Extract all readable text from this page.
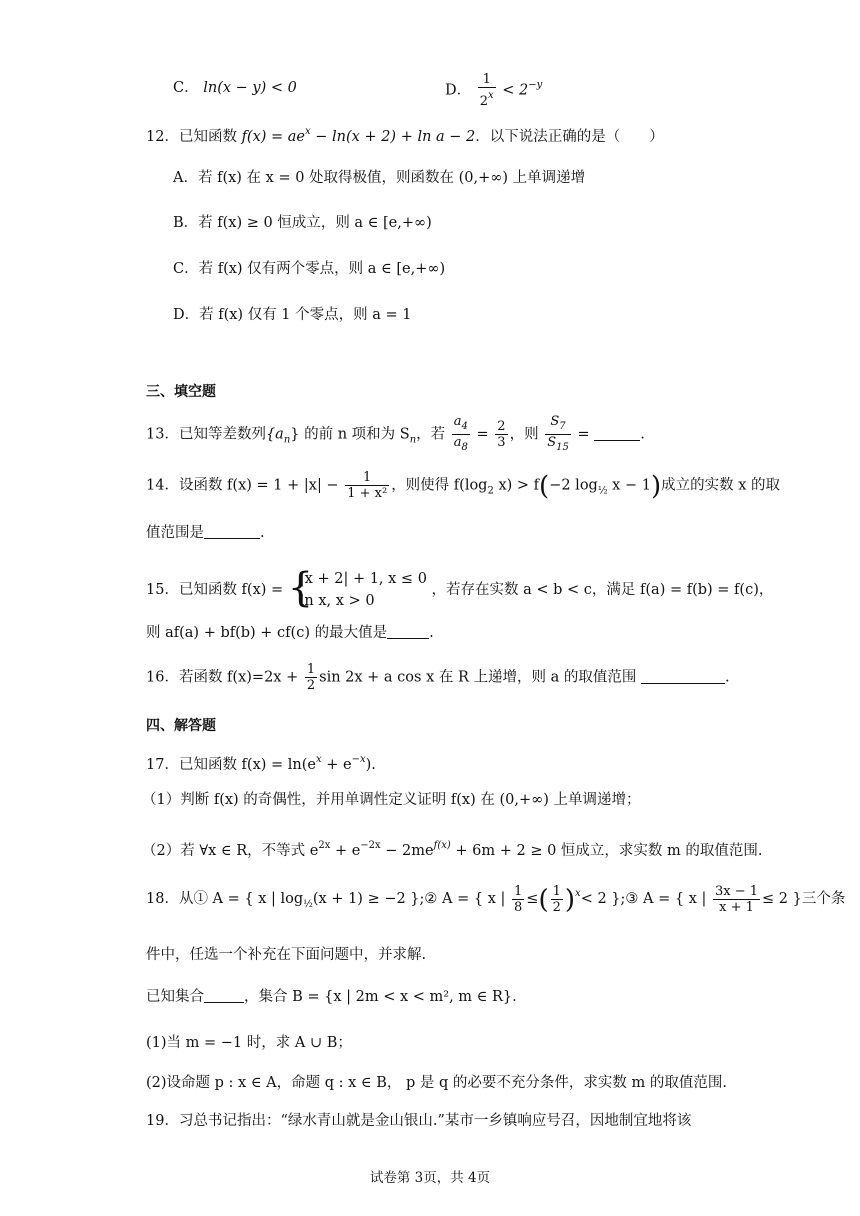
C． ln(x − y) < 0	D． $\frac{1}{2^x} < 2^{-y}$
12．已知函数 $f(x) = ae^x - \ln(x + 2) + \ln a - 2$．以下说法正确的是（　　）
A．若 f(x) 在 x = 0 处取得极值，则函数在 (0,+∞) 上单调递增
B．若 f(x) ≥ 0 恒成立，则 a ∈ [e,+∞)
C．若 f(x) 仅有两个零点，则 a ∈ [e,+∞)
D．若 f(x) 仅有 1 个零点，则 a = 1
三、填空题
13．已知等差数列$\{a_n\}$ 的前 n 项和为 $S_n$，若 $\frac{a_4}{a_8} = \frac{2}{3}$ ，则 $\frac{S_7}{S_{15}}$ =	.
14．设函数 $f(x) = 1 + |x| - \frac{1}{\text{1 + x²}}$ ，则使得 $f(\log_2$ x) > f(−2 $\log_{\frac{1}{2}} x - 1$)成立的实数 x 的取
值范围是	.
15．已知函数 f(x) = {
|x + 2| + 1, x ≤ 0
ln x, x > 0
，若存在实数 a < b < c，满足 f(a) = f(b) = f(c)，
则 af(a) + bf(b) + cf(c) 的最大值是	.
16．若函数 $f(x)=2x + \frac{1}{2}$ sin 2x + a cos x 在 R 上递增，则 a 的取值范围	.
四、解答题
17．已知函数 $f(x) = \ln(e^x + e^{-x})$.
（1）判断 f(x) 的奇偶性，并用单调性定义证明 f(x) 在 (0,+∞) 上单调递增；
（2）若 ∀x ∈ R，不等式 $e^{2x} + e^{-2x} - 2me^{f(x)} + 6m + 2 \ge 0$ 恒成立，求实数 m 的取值范围.
18．从① A = { x | $\log_{\frac{1}{2}}(x + 1) \ge -2$ };② A = { x | $\frac{1}{8}$ ≤( $\frac{1}{2} )^x< 2$ };③ A = { x | $\frac{3x - 1}{x + 1} \le 2$ }三个条
件中，任选一个补充在下面问题中，并求解.
已知集合	，集合 B = {x | 2m < x < m², m ∈ R}.
(1)当 m = −1 时，求 A ∪ B；
(2)设命题 p : x ∈ A，命题 q : x ∈ B， p 是 q 的必要不充分条件，求实数 m 的取值范围.
19．习总书记指出：“绿水青山就是金山银山.”某市一乡镇响应号召，因地制宜地将该
试卷第 3页，共 4页
